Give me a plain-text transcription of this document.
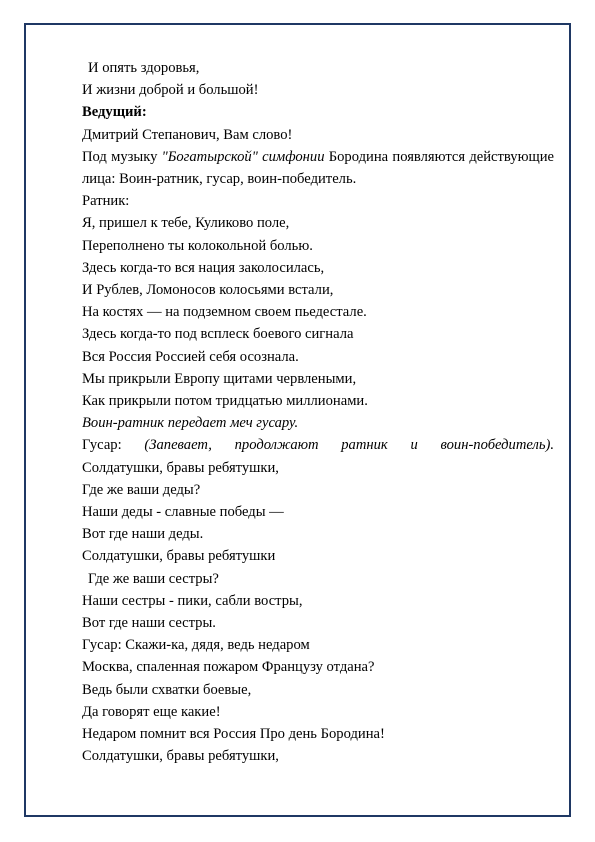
И опять здоровья,

И жизни доброй и большой!

Ведущий:

Дмитрий Степанович, Вам слово!

Под музыку "Богатырской" симфонии Бородина появляются действующие лица: Воин-ратник, гусар, воин-победитель.

Ратник:

Я, пришел к тебе, Куликово поле,

Переполнено ты колокольной болью.

Здесь когда-то вся нация заколосилась,

И Рублев, Ломоносов колосьями встали,

На костях — на подземном своем пьедестале.

Здесь когда-то под всплеск боевого сигнала

Вся Россия Россией себя осознала.

Мы прикрыли Европу щитами червлеными,

Как прикрыли потом тридцатью миллионами.

Воин-ратник передает меч гусару.

Гусар: (Запевает, продолжают ратник и воин-победитель).

Солдатушки, бравы ребятушки,

Где же ваши деды?

Наши деды - славные победы —

Вот где наши деды.

Солдатушки, бравы ребятушки

Где же ваши сестры?

Наши сестры - пики, сабли востры,

Вот где наши сестры.

Гусар: Скажи-ка, дядя, ведь недаром

Москва, спаленная пожаром Французу отдана?

Ведь были схватки боевые,

Да говорят еще какие!

Недаром помнит вся Россия Про день Бородина!

Солдатушки, бравы ребятушки,
